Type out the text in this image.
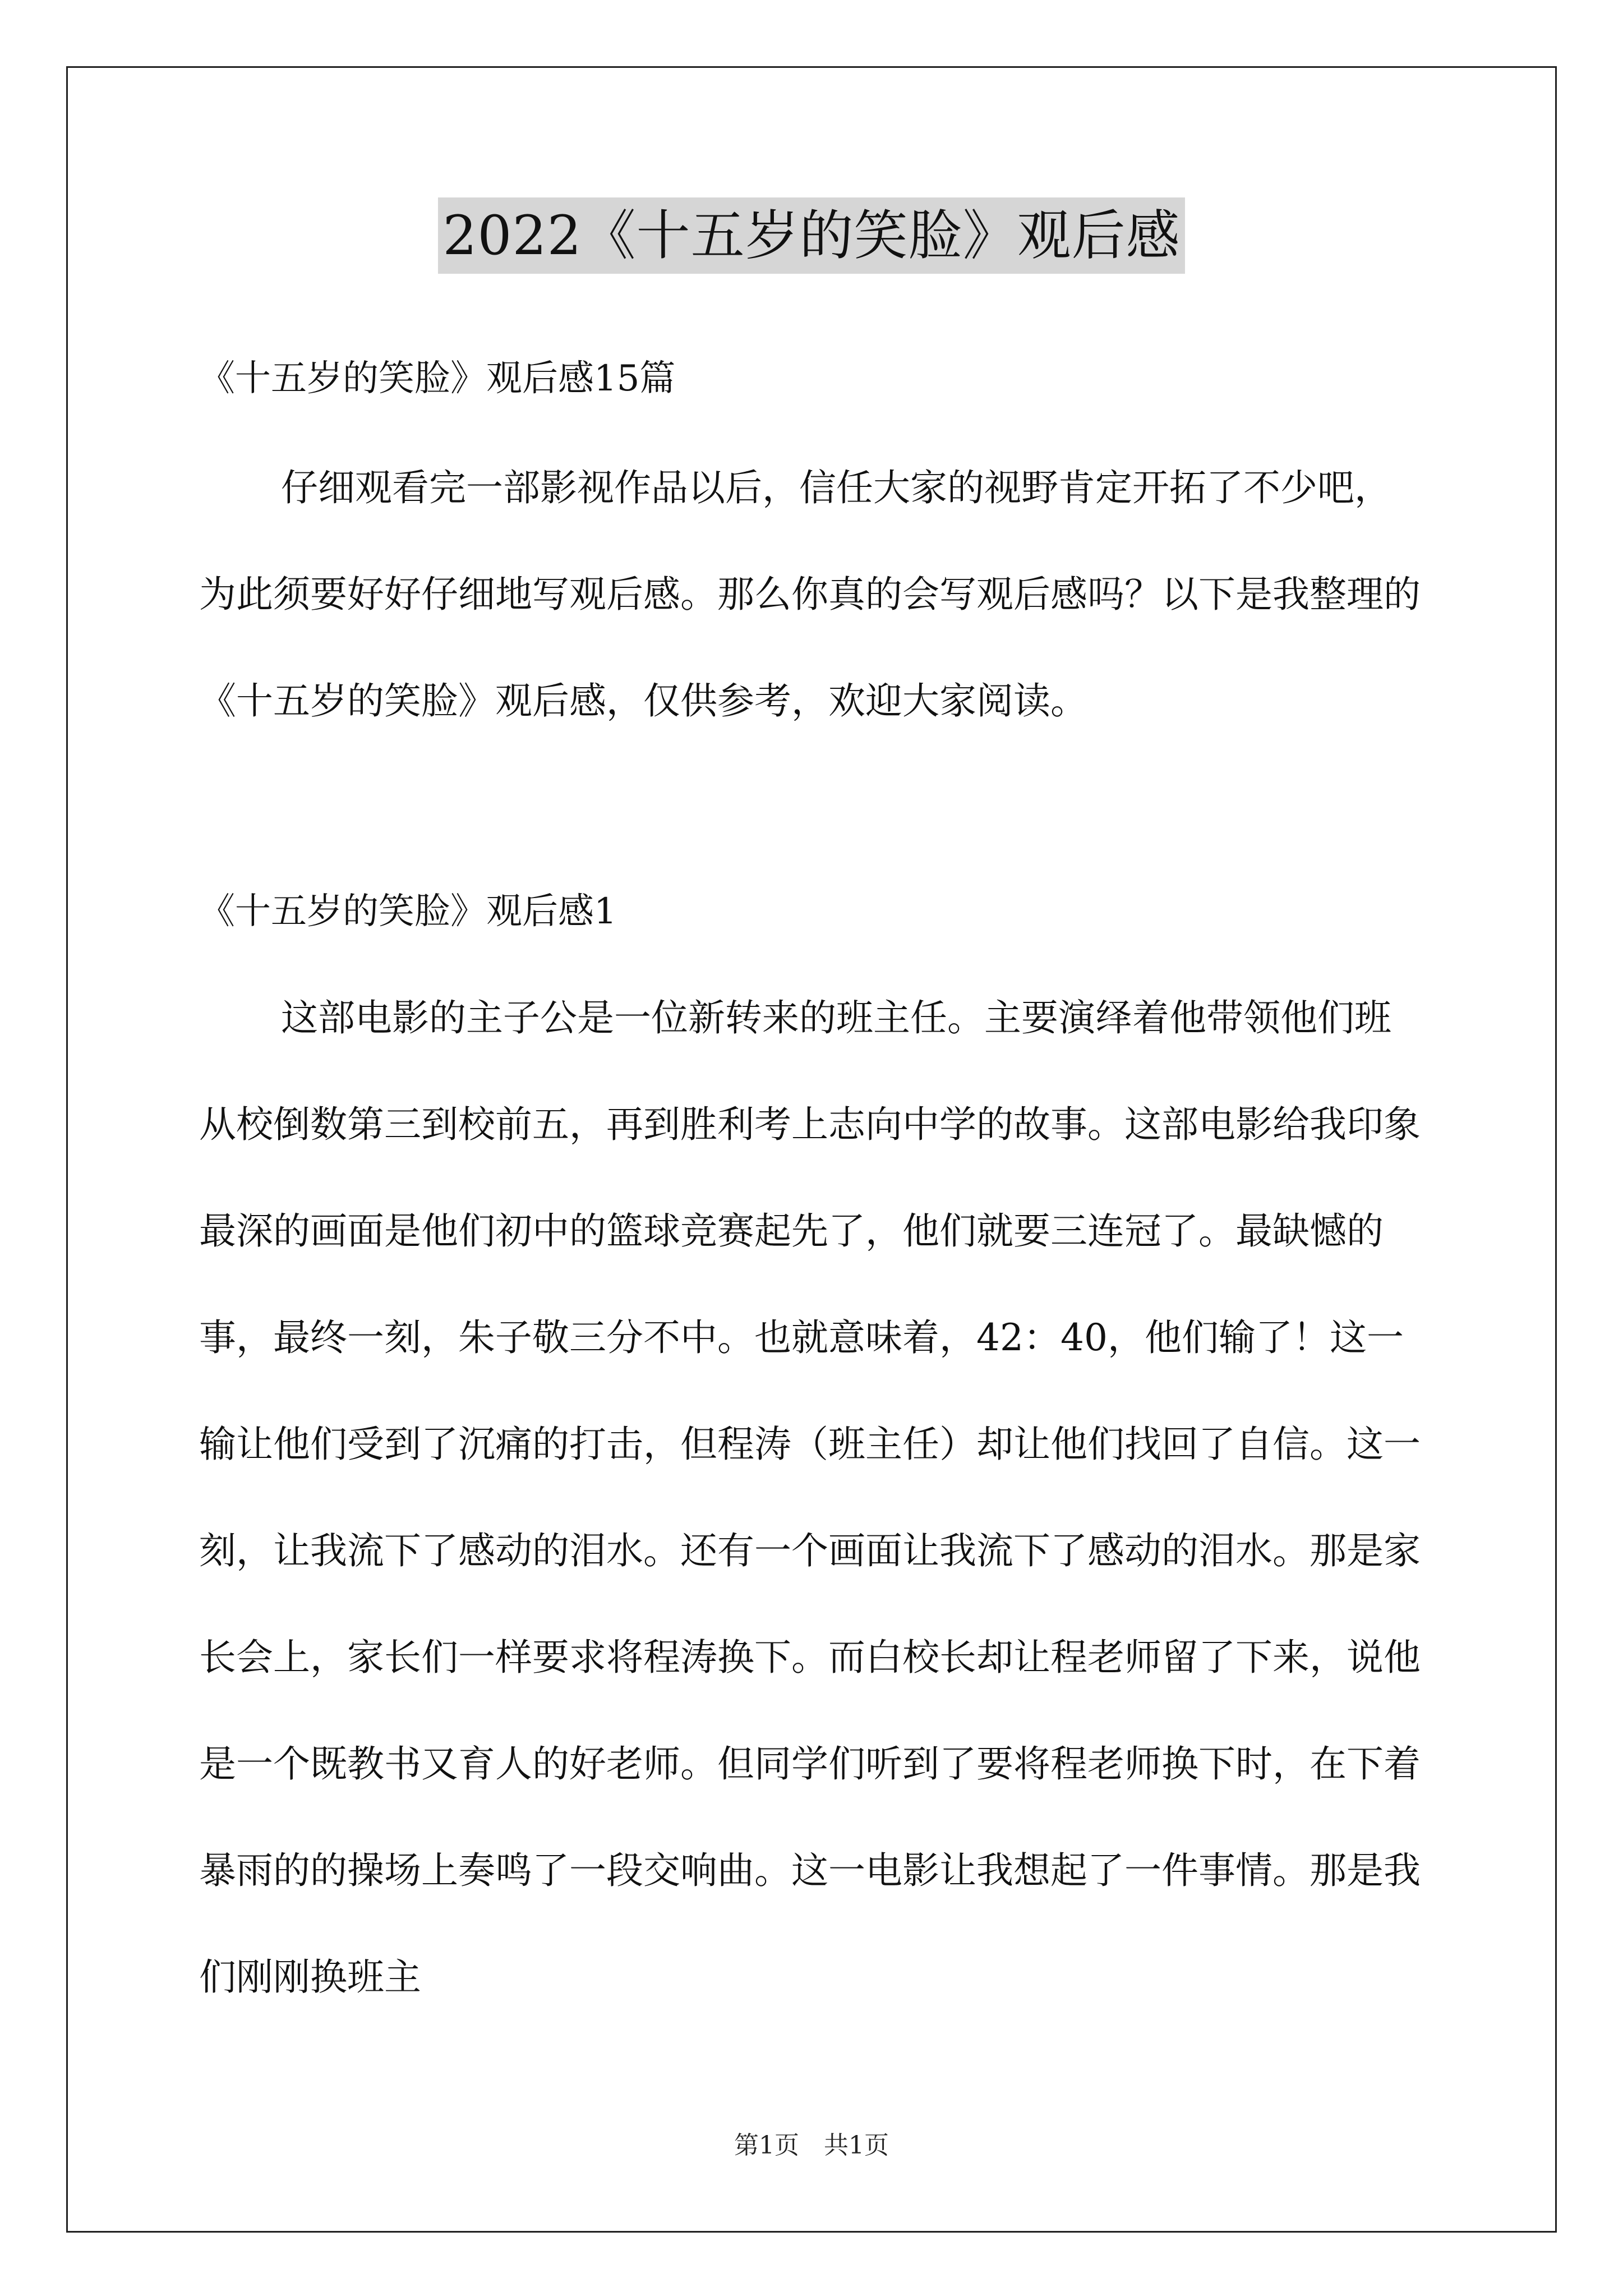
2022《十五岁的笑脸》观后感

《十五岁的笑脸》观后感15篇

仔细观看完一部影视作品以后，信任大家的视野肯定开拓了不少吧，为此须要好好仔细地写观后感。那么你真的会写观后感吗？以下是我整理的《十五岁的笑脸》观后感，仅供参考，欢迎大家阅读。

《十五岁的笑脸》观后感1

这部电影的主子公是一位新转来的班主任。主要演绎着他带领他们班从校倒数第三到校前五，再到胜利考上志向中学的故事。这部电影给我印象最深的画面是他们初中的篮球竞赛起先了，他们就要三连冠了。最缺憾的事，最终一刻，朱子敬三分不中。也就意味着，42：40，他们输了！这一输让他们受到了沉痛的打击，但程涛（班主任）却让他们找回了自信。这一刻，让我流下了感动的泪水。还有一个画面让我流下了感动的泪水。那是家长会上，家长们一样要求将程涛换下。而白校长却让程老师留了下来，说他是一个既教书又育人的好老师。但同学们听到了要将程老师换下时，在下着暴雨的的操场上奏鸣了一段交响曲。这一电影让我想起了一件事情。那是我们刚刚换班主

第1页　共1页
